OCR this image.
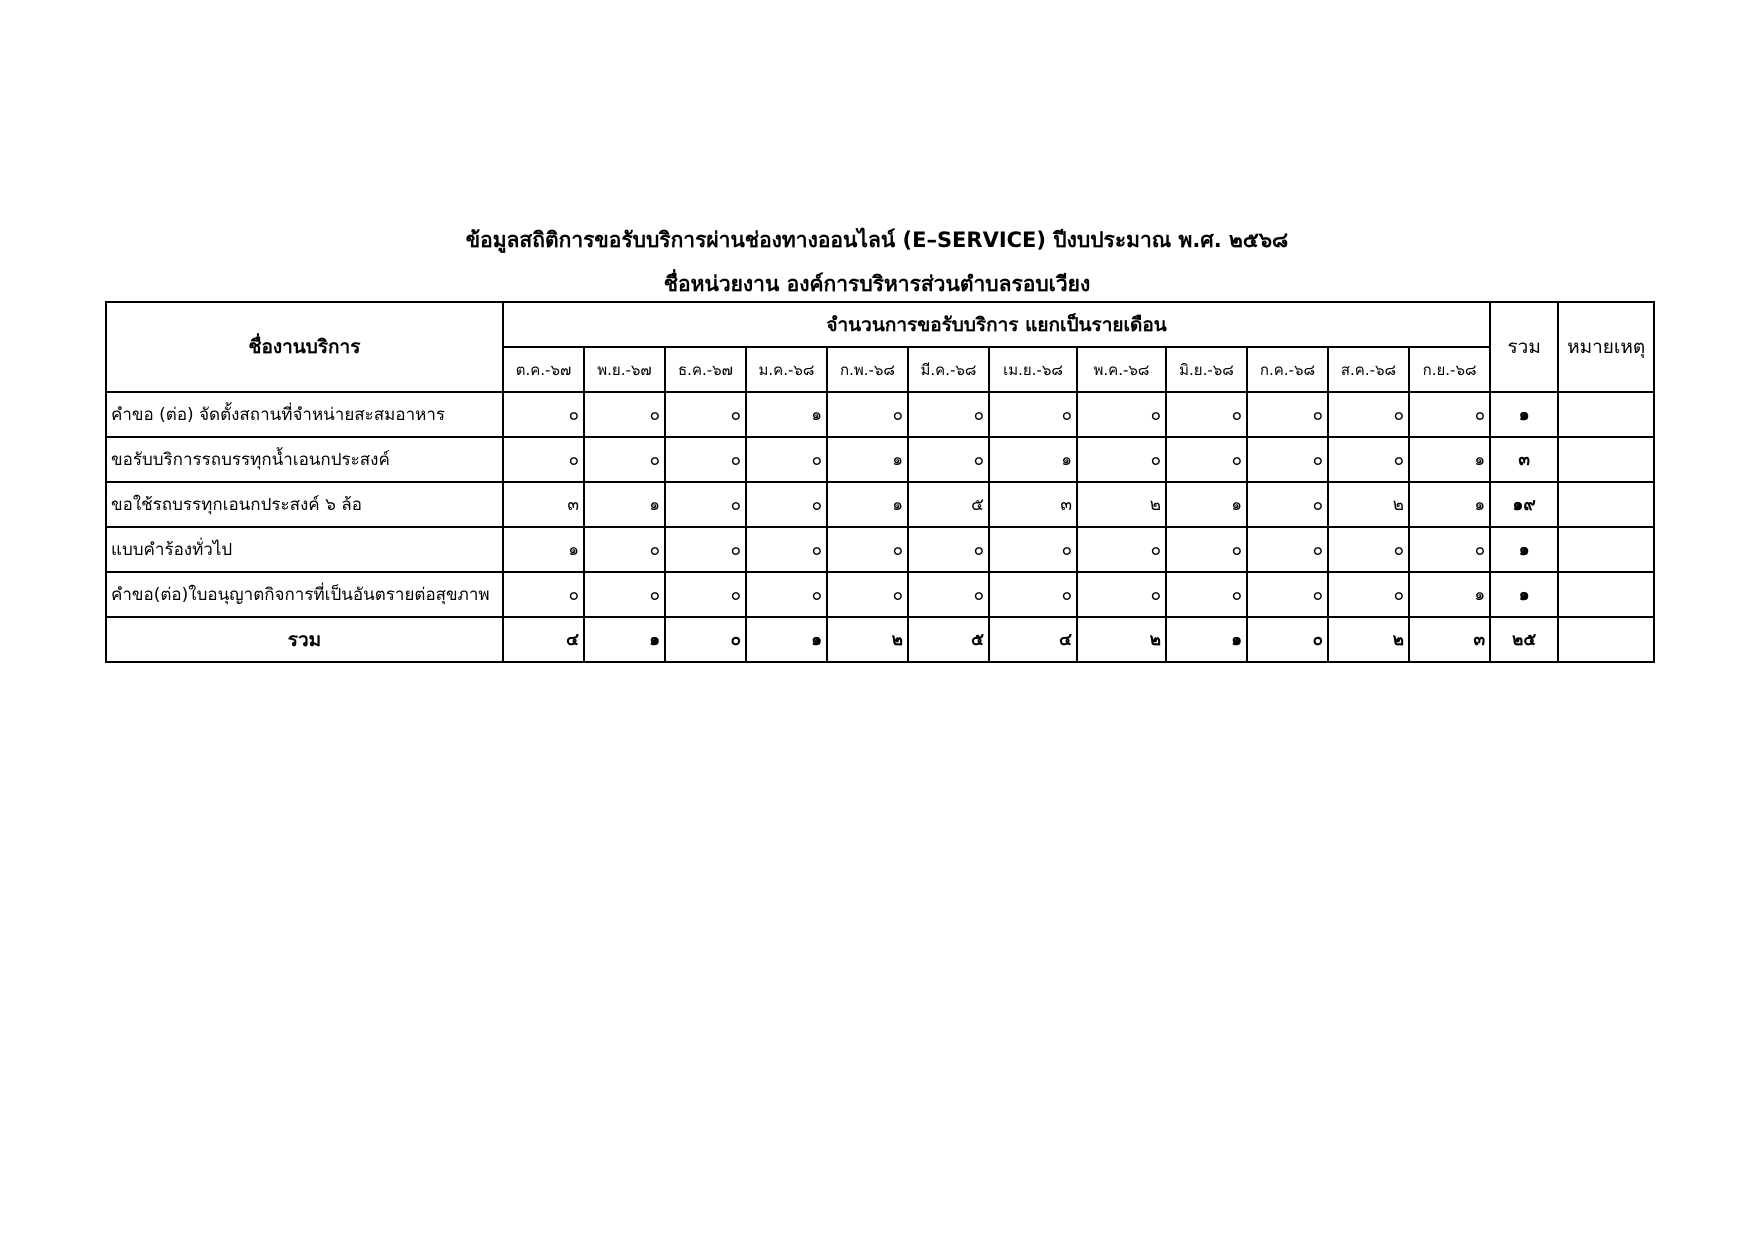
ข้อมูลสถิติการขอรับบริการผ่านช่องทางออนไลน์ (E–SERVICE) ปีงบประมาณ พ.ศ. ๒๕๖๘
ชื่อหน่วยงาน องค์การบริหารส่วนตำบลรอบเวียง
ชื่องานบริการ	จำนวนการขอรับบริการ แยกเป็นรายเดือน												รวม	หมายเหตุ
	ต.ค.-๖๗	พ.ย.-๖๗	ธ.ค.-๖๗	ม.ค.-๖๘	ก.พ.-๖๘	มี.ค.-๖๘	เม.ย.-๖๘	พ.ค.-๖๘	มิ.ย.-๖๘	ก.ค.-๖๘	ส.ค.-๖๘	ก.ย.-๖๘		
คำขอ (ต่อ) จัดตั้งสถานที่จำหน่ายสะสมอาหาร	๐	๐	๐	๑	๐	๐	๐	๐	๐	๐	๐	๐	๑	
ขอรับบริการรถบรรทุกน้ำเอนกประสงค์	๐	๐	๐	๐	๑	๐	๑	๐	๐	๐	๐	๑	๓	
ขอใช้รถบรรทุกเอนกประสงค์ ๖ ล้อ	๓	๑	๐	๐	๑	๕	๓	๒	๑	๐	๒	๑	๑๙	
แบบคำร้องทั่วไป	๑	๐	๐	๐	๐	๐	๐	๐	๐	๐	๐	๐	๑	
คำขอ(ต่อ)ใบอนุญาตกิจการที่เป็นอันตรายต่อสุขภาพ	๐	๐	๐	๐	๐	๐	๐	๐	๐	๐	๐	๑	๑	
รวม	๔	๑	๐	๑	๒	๕	๔	๒	๑	๐	๒	๓	๒๕	
